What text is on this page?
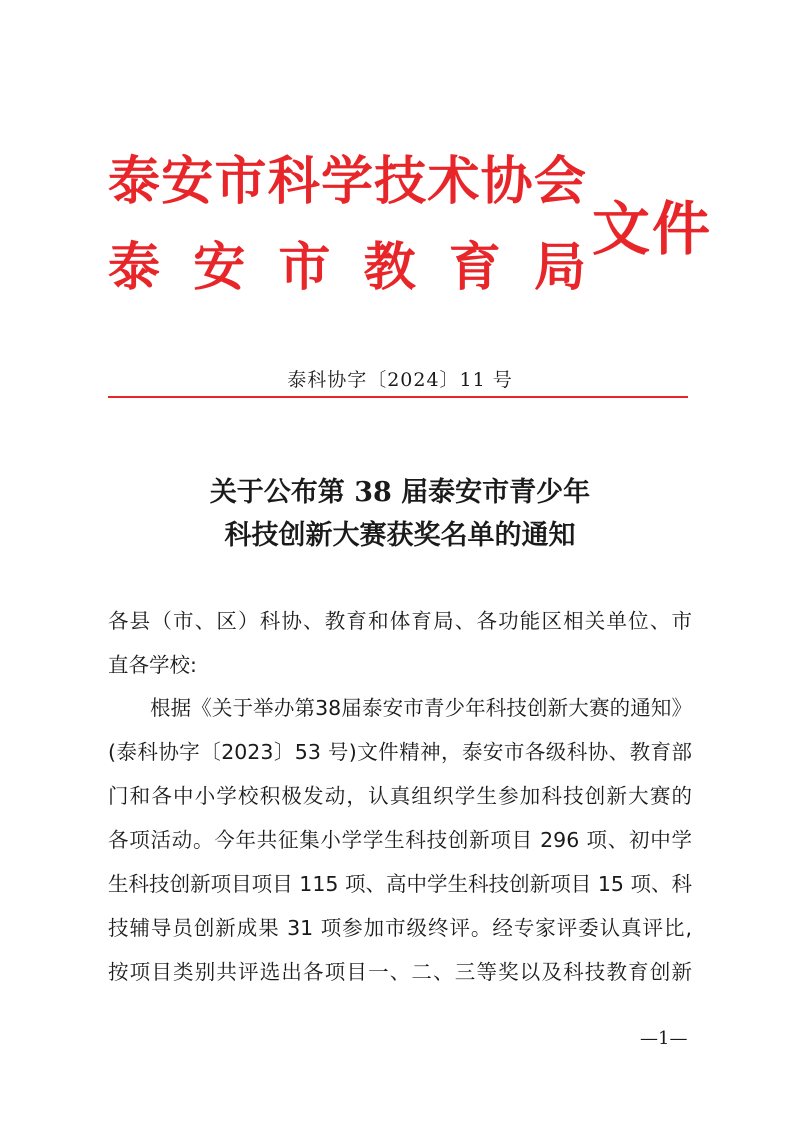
泰 安 市 科 学 技 术 协 会
泰 安 市 教 育 局
文件
泰科协字〔2024〕11 号
关于公布第 38 届泰安市青少年
科技创新大赛获奖名单的通知
各县（市、区）科协、教育和体育局、各功能区相关单位、市
直各学校:
根据《关于举办第38届泰安市青少年科技创新大赛的通知》
(泰科协字〔2023〕53 号)文件精神，泰安市各级科协、教育部
门和各中小学校积极发动，认真组织学生参加科技创新大赛的
各项活动。今年共征集小学学生科技创新项目 296 项、初中学
生科技创新项目项目 115 项、高中学生科技创新项目 15 项、科
技辅导员创新成果 31 项参加市级终评。经专家评委认真评比,
按项目类别共评选出各项目一、二、三等奖以及科技教育创新
—1—
